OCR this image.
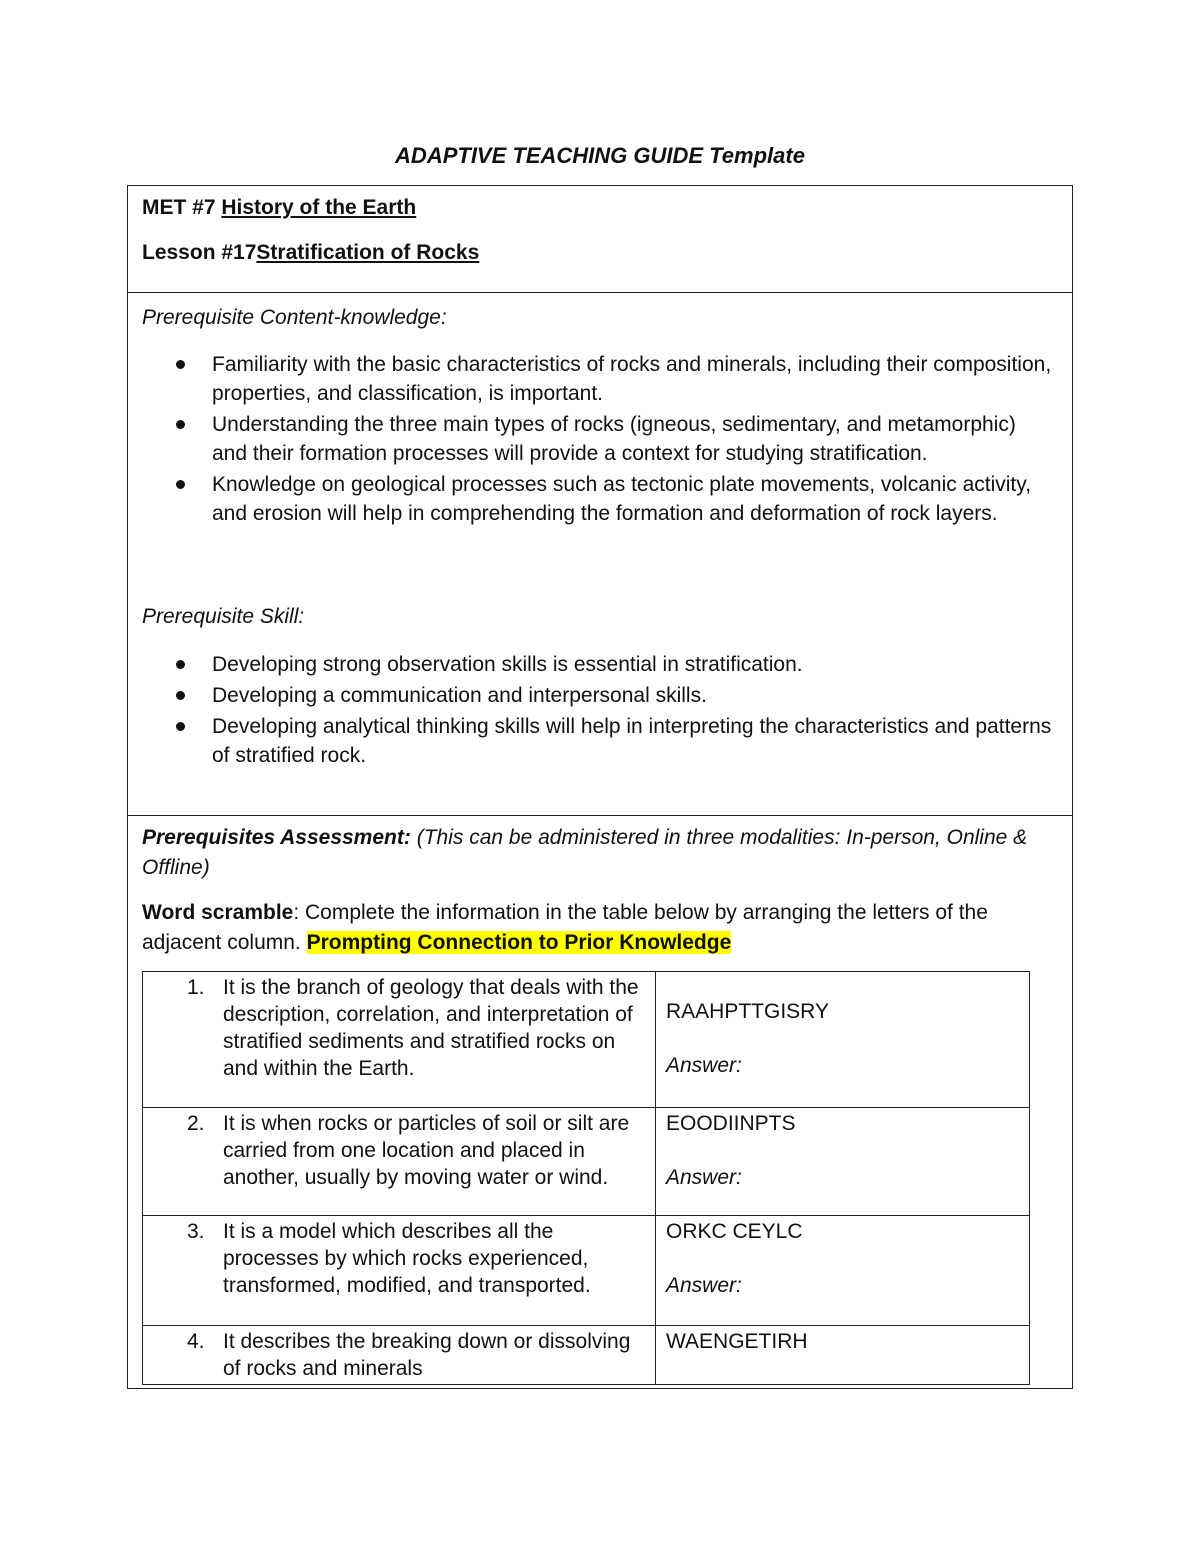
ADAPTIVE TEACHING GUIDE Template
MET #7 History of the Earth
Lesson #17Stratification of Rocks
Prerequisite Content-knowledge:
Familiarity with the basic characteristics of rocks and minerals, including their composition, properties, and classification, is important.
Understanding the three main types of rocks (igneous, sedimentary, and metamorphic) and their formation processes will provide a context for studying stratification.
Knowledge on geological processes such as tectonic plate movements, volcanic activity, and erosion will help in comprehending the formation and deformation of rock layers.
Prerequisite Skill:
Developing strong observation skills is essential in stratification.
Developing a communication and interpersonal skills.
Developing analytical thinking skills will help in interpreting the characteristics and patterns of stratified rock.
Prerequisites Assessment: (This can be administered in three modalities: In-person, Online & Offline)
Word scramble: Complete the information in the table below by arranging the letters of the adjacent column. Prompting Connection to Prior Knowledge
1. It is the branch of geology that deals with the description, correlation, and interpretation of stratified sediments and stratified rocks on and within the Earth.	RAAHPTTGISRY
Answer:

2. It is when rocks or particles of soil or silt are carried from one location and placed in another, usually by moving water or wind.	EOODIINPTS
Answer:

3. It is a model which describes all the processes by which rocks experienced, transformed, modified, and transported.	ORKC CEYLC
Answer:

4. It describes the breaking down or dissolving of rocks and minerals	WAENGETIRH
